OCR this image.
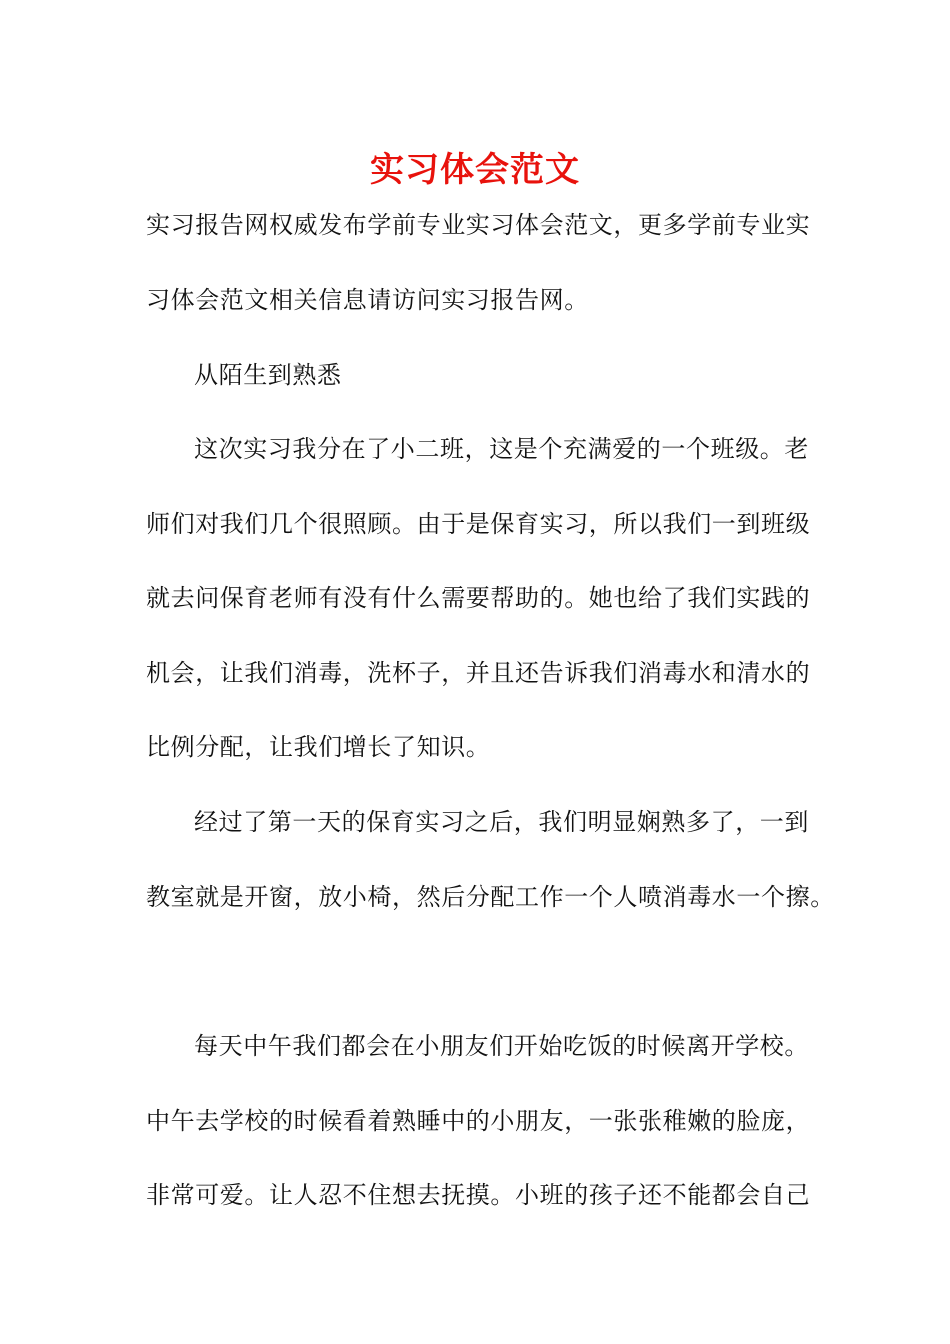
实习体会范文
实习报告网权威发布学前专业实习体会范文，更多学前专业实
习体会范文相关信息请访问实习报告网。
从陌生到熟悉
这次实习我分在了小二班，这是个充满爱的一个班级。老
师们对我们几个很照顾。由于是保育实习，所以我们一到班级
就去问保育老师有没有什么需要帮助的。她也给了我们实践的
机会，让我们消毒，洗杯子，并且还告诉我们消毒水和清水的
比例分配，让我们增长了知识。
经过了第一天的保育实习之后，我们明显娴熟多了，一到
教室就是开窗，放小椅，然后分配工作一个人喷消毒水一个擦。
每天中午我们都会在小朋友们开始吃饭的时候离开学校。
中午去学校的时候看着熟睡中的小朋友，一张张稚嫩的脸庞，
非常可爱。让人忍不住想去抚摸。小班的孩子还不能都会自己
